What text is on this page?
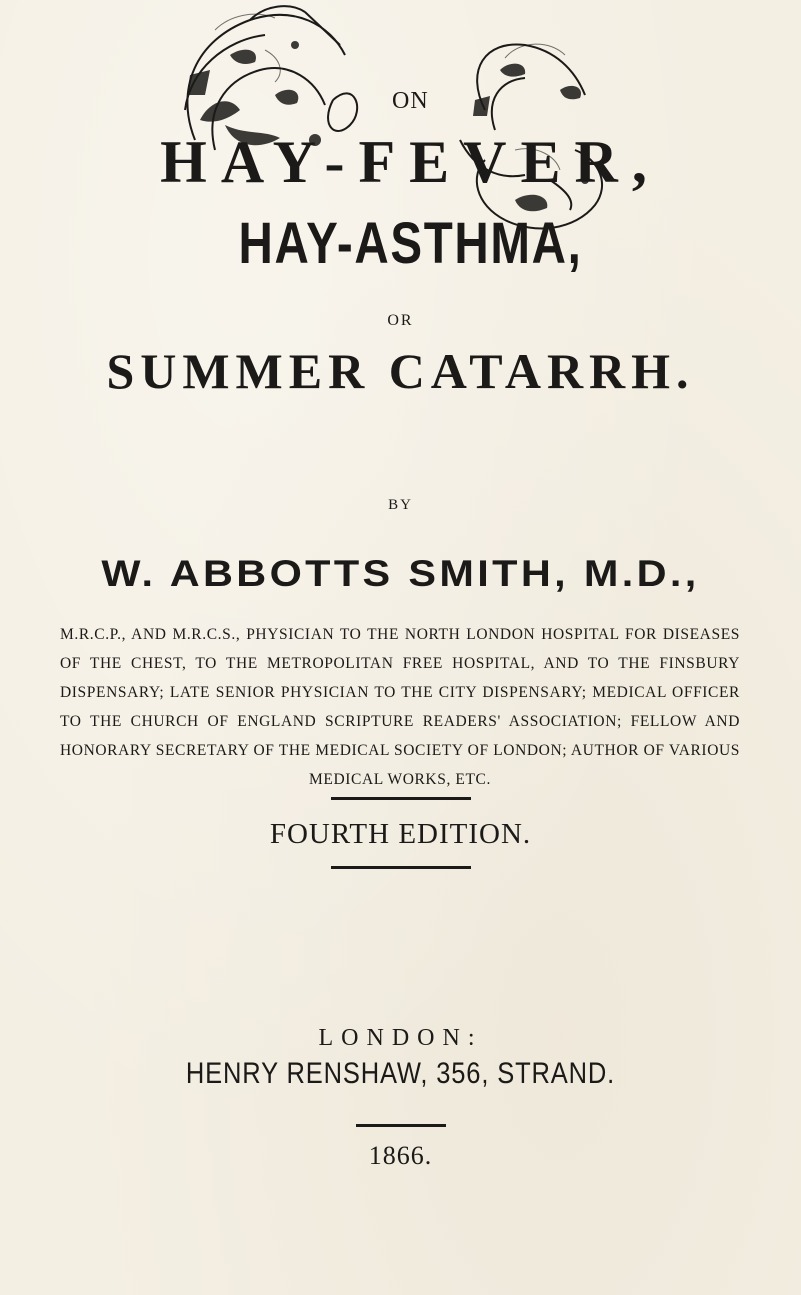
ON
HAY-FEVER,
HAY-ASTHMA,
OR
SUMMER CATARRH.
BY
W. ABBOTTS SMITH, M.D.,
M.R.C.P., AND M.R.C.S., PHYSICIAN TO THE NORTH LONDON HOSPITAL FOR DISEASES OF THE CHEST, TO THE METROPOLITAN FREE HOSPITAL, AND TO THE FINSBURY DISPENSARY; LATE SENIOR PHYSICIAN TO THE CITY DISPENSARY; MEDICAL OFFICER TO THE CHURCH OF ENGLAND SCRIPTURE READERS' ASSOCIATION; FELLOW AND HONORARY SECRETARY OF THE MEDICAL SOCIETY OF LONDON; AUTHOR OF VARIOUS MEDICAL WORKS, ETC.
FOURTH EDITION.
LONDON:
HENRY RENSHAW, 356, STRAND.
1866.
